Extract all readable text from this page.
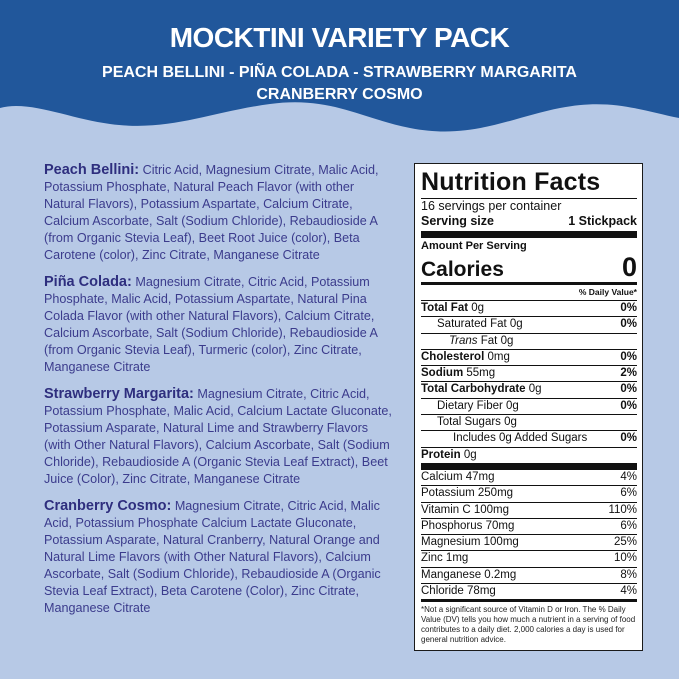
MOCKTINI VARIETY PACK
PEACH BELLINI - PIÑA COLADA - STRAWBERRY MARGARITA
CRANBERRY COSMO
Peach Bellini: Citric Acid, Magnesium Citrate, Malic Acid, Potassium Phosphate, Natural Peach Flavor (with other Natural Flavors), Potassium Aspartate, Calcium Citrate, Calcium Ascorbate, Salt (Sodium Chloride), Rebaudioside A (from Organic Stevia Leaf), Beet Root Juice (color), Beta Carotene (color), Zinc Citrate, Manganese Citrate
Piña Colada: Magnesium Citrate, Citric Acid, Potassium Phosphate, Malic Acid, Potassium Aspartate, Natural Pina Colada Flavor (with other Natural Flavors), Calcium Citrate, Calcium Ascorbate, Salt (Sodium Chloride), Rebaudioside A (from Organic Stevia Leaf), Turmeric (color), Zinc Citrate, Manganese Citrate
Strawberry Margarita: Magnesium Citrate, Citric Acid, Potassium Phosphate, Malic Acid, Calcium Lactate Gluconate, Potassium Asparate, Natural Lime and Strawberry Flavors (with Other Natural Flavors), Calcium Ascorbate, Salt (Sodium Chloride), Rebaudioside A (Organic Stevia Leaf Extract), Beet Juice (Color), Zinc Citrate, Manganese Citrate
Cranberry Cosmo: Magnesium Citrate, Citric Acid, Malic Acid, Potassium Phosphate Calcium Lactate Gluconate, Potassium Asparate, Natural Cranberry, Natural Orange and Natural Lime Flavors (with Other Natural Flavors), Calcium Ascorbate, Salt (Sodium Chloride), Rebaudioside A (Organic Stevia Leaf Extract), Beta Carotene (Color), Zinc Citrate, Manganese Citrate
Nutrition Facts
16 servings per container
Serving size	1 Stickpack
Amount Per Serving
Calories	0
% Daily Value*
Total Fat 0g	0%
Saturated Fat 0g	0%
Trans Fat 0g
Cholesterol 0mg	0%
Sodium 55mg	2%
Total Carbohydrate 0g	0%
Dietary Fiber 0g	0%
Total Sugars 0g
Includes 0g Added Sugars	0%
Protein 0g
Calcium 47mg	4%
Potassium 250mg	6%
Vitamin C 100mg	110%
Phosphorus 70mg	6%
Magnesium 100mg	25%
Zinc 1mg	10%
Manganese 0.2mg	8%
Chloride 78mg	4%
*Not a significant source of Vitamin D or Iron. The % Daily Value (DV) tells you how much a nutrient in a serving of food contributes to a daily diet. 2,000 calories a day is used for general nutrition advice.
